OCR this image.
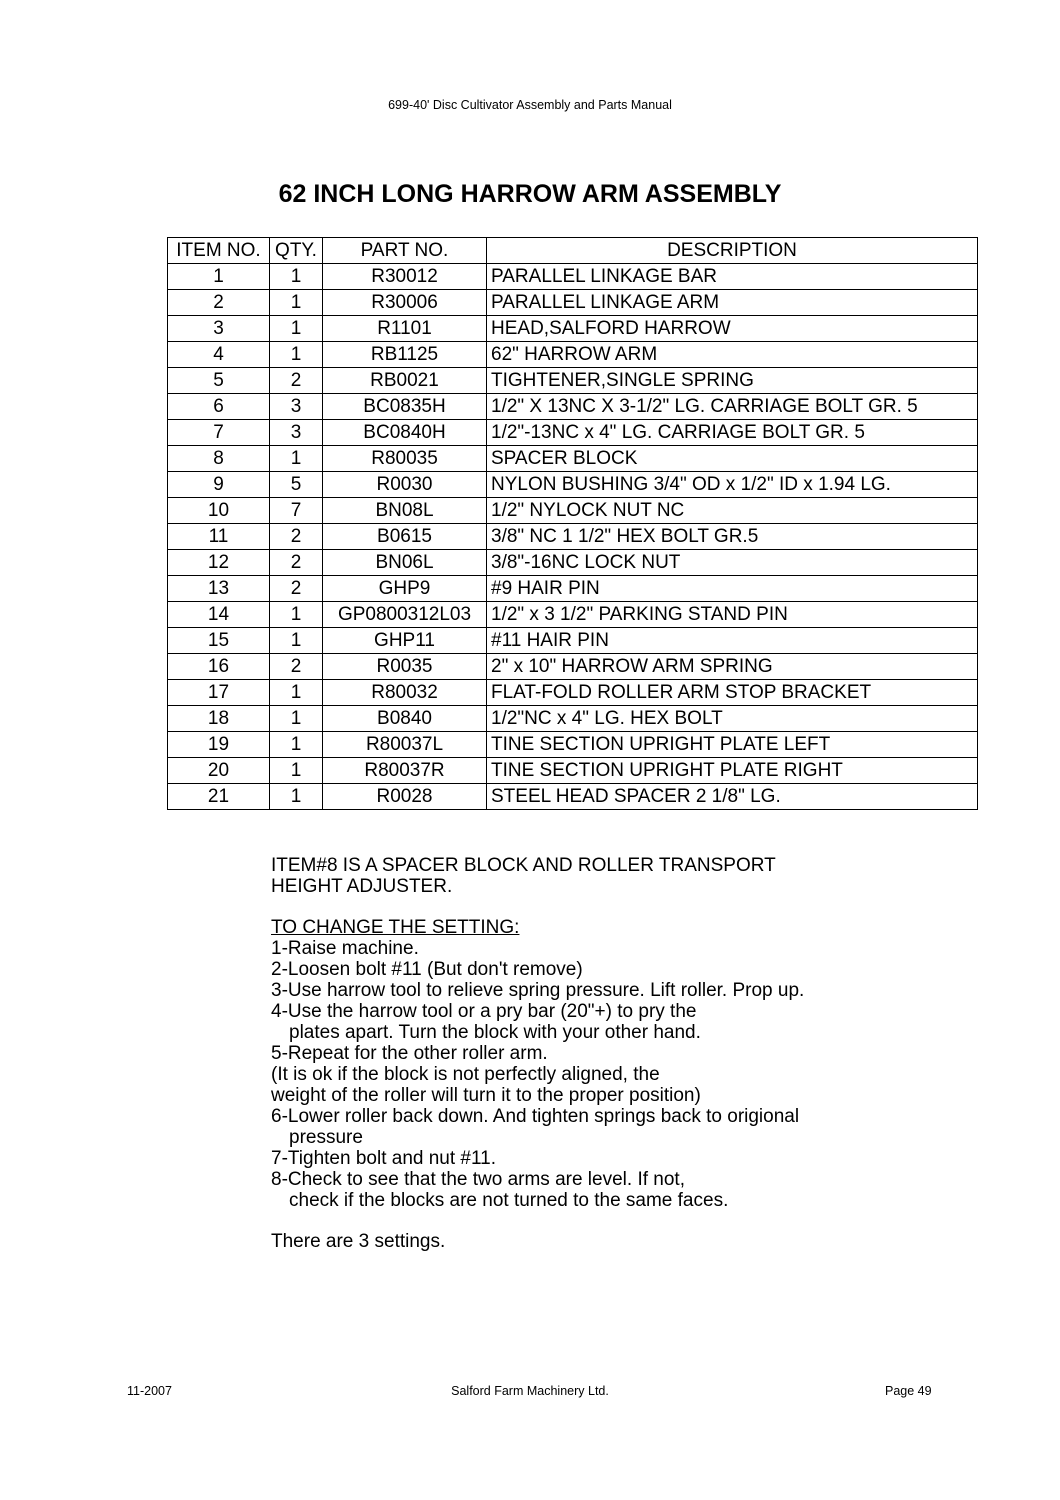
699-40' Disc Cultivator Assembly and Parts Manual
62 INCH LONG HARROW ARM ASSEMBLY
ITEM NO.	QTY.	PART NO.	DESCRIPTION
1	1	R30012	PARALLEL LINKAGE BAR
2	1	R30006	PARALLEL LINKAGE ARM
3	1	R1101	HEAD,SALFORD HARROW
4	1	RB1125	62" HARROW ARM
5	2	RB0021	TIGHTENER,SINGLE SPRING
6	3	BC0835H	1/2" X 13NC X 3-1/2" LG. CARRIAGE BOLT GR. 5
7	3	BC0840H	1/2"-13NC x 4" LG. CARRIAGE BOLT GR. 5
8	1	R80035	SPACER BLOCK
9	5	R0030	NYLON BUSHING 3/4" OD x 1/2" ID x 1.94 LG.
10	7	BN08L	1/2" NYLOCK NUT NC
11	2	B0615	3/8" NC 1 1/2" HEX BOLT GR.5
12	2	BN06L	3/8"-16NC LOCK NUT
13	2	GHP9	#9 HAIR PIN
14	1	GP0800312L03	1/2" x 3 1/2" PARKING STAND PIN
15	1	GHP11	#11 HAIR PIN
16	2	R0035	2" x 10" HARROW ARM SPRING
17	1	R80032	FLAT-FOLD ROLLER ARM STOP BRACKET
18	1	B0840	1/2"NC x 4" LG. HEX BOLT
19	1	R80037L	TINE SECTION UPRIGHT PLATE LEFT
20	1	R80037R	TINE SECTION UPRIGHT PLATE RIGHT
21	1	R0028	STEEL HEAD SPACER 2 1/8" LG.

ITEM#8 IS A SPACER BLOCK AND ROLLER TRANSPORT

HEIGHT ADJUSTER.

TO CHANGE THE SETTING:

1-Raise machine.

2-Loosen bolt #11 (But don't remove)

3-Use harrow tool to relieve spring pressure. Lift roller. Prop up.

4-Use the harrow tool or a pry bar (20"+) to pry the

plates apart. Turn the block with your other hand.

5-Repeat for the other roller arm.

(It is ok if the block is not perfectly aligned, the

weight of the roller will turn it to the proper position)

6-Lower roller back down. And tighten springs back to origional

pressure

7-Tighten bolt and nut #11.

8-Check to see that the two arms are level. If not,

check if the blocks are not turned to the same faces.

There are 3 settings.

11-2007	Salford Farm Machinery Ltd.	Page 49
